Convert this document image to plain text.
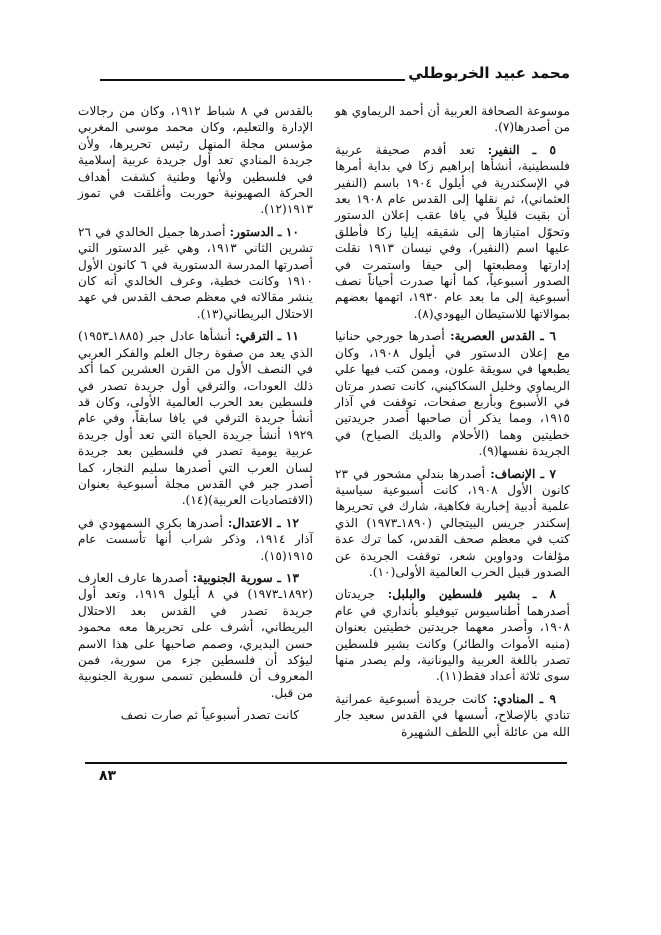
محمد عبيد الخربوطلي

موسوعة الصحافة العربية أن أحمد الريماوي هو من أصدرها(٧).

٥ ـ النفير: تعد أقدم صحيفة عربية فلسطينية، أنشأها إبراهيم زكا في بداية أمرها في الإسكندرية في أيلول ١٩٠٤ باسم (النفير العثماني)، ثم نقلها إلى القدس عام ١٩٠٨ بعد أن بقيت قليلاً في يافا عقب إعلان الدستور وتحوّل امتيازها إلى شقيقه إيليا زكا فأطلق عليها اسم (النفير)، وفي نيسان ١٩١٣ نقلت إدارتها ومطبعتها إلى حيفا واستمرت في الصدور أسبوعياً، كما أنها صدرت أحياناً نصف أسبوعية إلى ما بعد عام ١٩٣٠، اتهمها بعضهم بموالاتها للاستيطان اليهودي(٨).

٦ ـ القدس العصرية: أصدرها جورجي حنانيا مع إعلان الدستور في أيلول ١٩٠٨، وكان يطبعها في سويقة علون، وممن كتب فيها علي الريماوي وخليل السكاكيني، كانت تصدر مرتان في الأسبوع وبأربع صفحات، توقفت في آذار ١٩١٥، ومما يذكر أن صاحبها أصدر جريدتين خطيتين وهما (الأحلام والديك الصياح) في الجريدة نفسها(٩).

٧ ـ الإنصاف: أصدرها بندلي مشحور في ٢٣ كانون الأول ١٩٠٨، كانت أسبوعية سياسية علمية أدبية إخبارية فكاهية، شارك في تحريرها إسكندر جريس البيتجالي (١٨٩٠ـ١٩٧٣) الذي كتب في معظم صحف القدس، كما ترك عدة مؤلفات ودواوين شعر، توقفت الجريدة عن الصدور قبيل الحرب العالمية الأولى(١٠).

٨ ـ بشير فلسطين والبلبل: جريدتان أصدرهما أطناسيوس تيوفيلو بأنداري في عام ١٩٠٨، وأصدر معهما جريدتين خطيتين بعنوان (منبه الأموات والطائر) وكانت بشير فلسطين تصدر باللغة العربية واليونانية، ولم يصدر منها سوى ثلاثة أعداد فقط(١١).

٩ ـ المنادي: كانت جريدة أسبوعية عمرانية تنادي بالإصلاح، أسسها في القدس سعيد جار الله من عائلة أبي اللطف الشهيرة

بالقدس في ٨ شباط ١٩١٢، وكان من رجالات الإدارة والتعليم، وكان محمد موسى المغربي مؤسس مجلة المنهل رئيس تحريرها، ولأن جريدة المنادي تعد أول جريدة عربية إسلامية في فلسطين ولأنها وطنية كشفت أهداف الحركة الصهيونية حوربت وأغلقت في تموز ١٩١٣(١٢).

١٠ ـ الدستور: أصدرها جميل الخالدي في ٢٦ تشرين الثاني ١٩١٣، وهي غير الدستور التي أصدرتها المدرسة الدستورية في ٦ كانون الأول ١٩١٠ وكانت خطية، وعرف الخالدي أنه كان ينشر مقالاته في معظم صحف القدس في عهد الاحتلال البريطاني(١٣).

١١ ـ الترقي: أنشأها عادل جبر (١٨٨٥ـ١٩٥٣) الذي يعد من صفوة رجال العلم والفكر العربي في النصف الأول من القرن العشرين كما أكد ذلك العودات، والترقي أول جريدة تصدر في فلسطين بعد الحرب العالمية الأولى، وكان قد أنشأ جريدة الترقي في يافا سابقاً، وفي عام ١٩٢٩ أنشأ جريدة الحياة التي تعد أول جريدة عربية يومية تصدر في فلسطين بعد جريدة لسان العرب التي أصدرها سليم النجار، كما أصدر جبر في القدس مجلة أسبوعية بعنوان (الاقتصاديات العربية)(١٤).

١٢ ـ الاعتدال: أصدرها بكري السمهودي في آذار ١٩١٤، وذكر شراب أنها تأسست عام ١٩١٥(١٥).

١٣ ـ سورية الجنوبية: أصدرها عارف العارف (١٨٩٢ـ١٩٧٣) في ٨ أيلول ١٩١٩، وتعد أول جريدة تصدر في القدس بعد الاحتلال البريطاني، أشرف على تحريرها معه محمود حسن البديري، وصمم صاحبها على هذا الاسم ليؤكد أن فلسطين جزء من سورية، فمن المعروف أن فلسطين تسمى سورية الجنوبية من قبل.

كانت تصدر أسبوعياً ثم صارت نصف

٨٣
